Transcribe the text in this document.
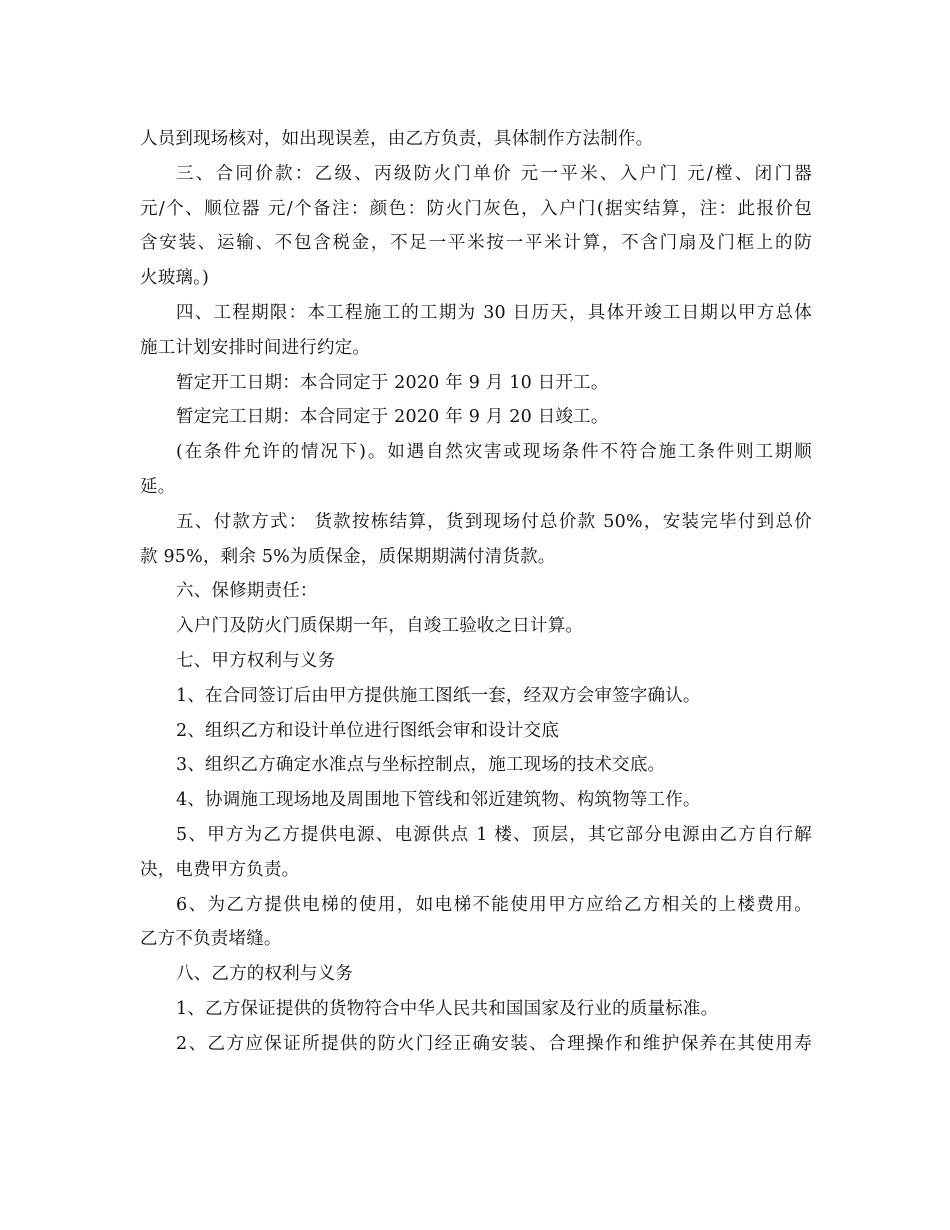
人员到现场核对，如出现误差，由乙方负责，具体制作方法制作。
三、合同价款：乙级、丙级防火门单价 元一平米、入户门 元/樘、闭门器
元/个、顺位器 元/个备注：颜色：防火门灰色，入户门(据实结算，注：此报价包
含安装、运输、不包含税金，不足一平米按一平米计算，不含门扇及门框上的防
火玻璃。)
四、工程期限：本工程施工的工期为 30 日历天，具体开竣工日期以甲方总体
施工计划安排时间进行约定。
暂定开工日期：本合同定于 2020 年 9 月 10 日开工。
暂定完工日期：本合同定于 2020 年 9 月 20 日竣工。
(在条件允许的情况下)。如遇自然灾害或现场条件不符合施工条件则工期顺
延。
五、付款方式： 货款按栋结算，货到现场付总价款 50%，安装完毕付到总价
款 95%，剩余 5%为质保金，质保期期满付清货款。
六、保修期责任：
入户门及防火门质保期一年，自竣工验收之日计算。
七、甲方权利与义务
1、在合同签订后由甲方提供施工图纸一套，经双方会审签字确认。
2、组织乙方和设计单位进行图纸会审和设计交底
3、组织乙方确定水准点与坐标控制点，施工现场的技术交底。
4、协调施工现场地及周围地下管线和邻近建筑物、构筑物等工作。
5、甲方为乙方提供电源、电源供点 1 楼、顶层，其它部分电源由乙方自行解
决，电费甲方负责。
6、为乙方提供电梯的使用，如电梯不能使用甲方应给乙方相关的上楼费用。
乙方不负责堵缝。
八、乙方的权利与义务
1、乙方保证提供的货物符合中华人民共和国国家及行业的质量标准。
2、乙方应保证所提供的防火门经正确安装、合理操作和维护保养在其使用寿
